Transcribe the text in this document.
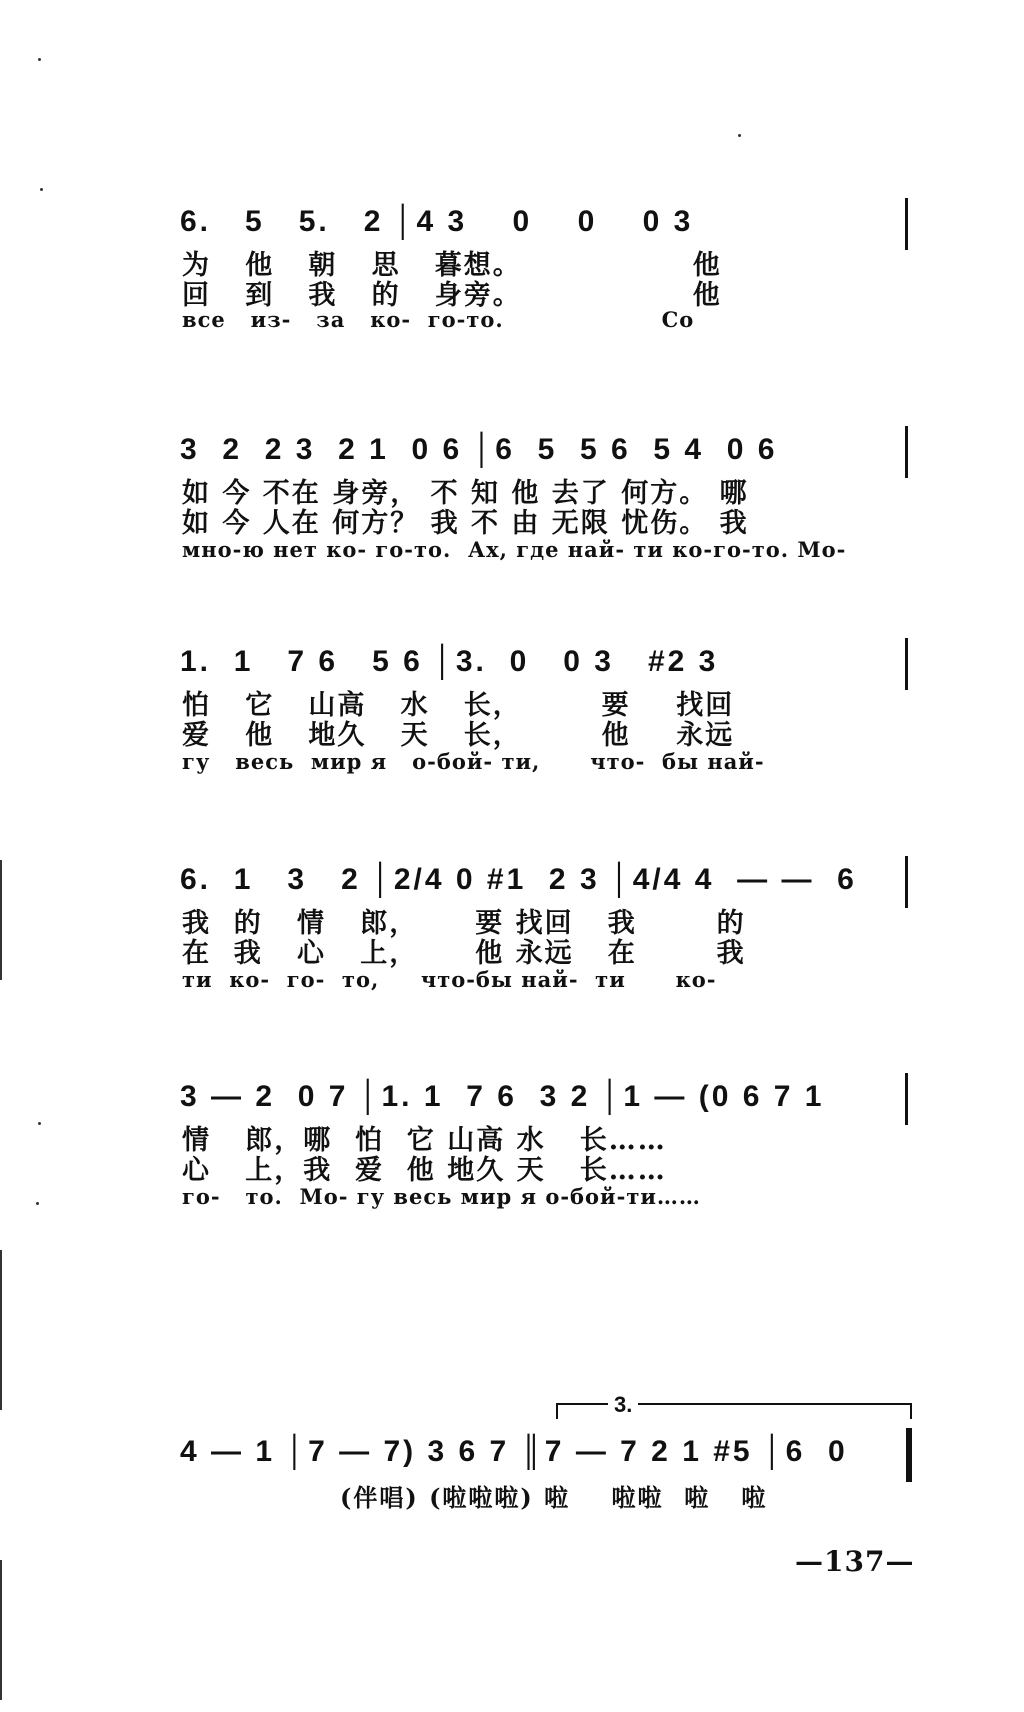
6.   5   5.   2 │4 3    0    0    0 3
为   他   朝   思   暮想。               他
回   到   我   的   身旁。               他
все   из-   за   ко-  го-то.                   Со
3  2  2 3  2 1  0 6 │6  5  5 6  5 4  0 6
如 今 不在 身旁， 不 知 他 去了 何方。 哪
如 今 人在 何方？ 我 不 由 无限 忧伤。 我
мно-ю нет ко- го-то.  Ах, где най- ти ко-го-то. Мо-
1.  1   7 6   5 6 │3.  0   0 3   #2 3
怕   它   山高   水   长，       要    找回
爱   他   地久   天   长，       他    永远
гу   весь  мир я   о-бой- ти,      что-  бы най-
6.  1   3   2 │2/4 0 #1  2 3 │4/4 4  — —  6
我  的   情   郎，     要 找回   我       的
在  我   心   上，     他 永远   在       我
ти  ко-  го-  то,     что-бы най-  ти      ко-
3 — 2  0 7 │1. 1  7 6  3 2 │1 — (0 6 7 1
情   郎，哪  怕  它 山高 水   长……
心   上，我  爱  他 地久 天   长……
го-   то.  Мо- гу весь мир я о-бой-ти……
3.
4 — 1 │7 — 7) 3 6 7 ║7 — 7 2 1 #5 │6  0
(伴唱) (啦啦啦) 啦    啦啦  啦   啦
—137—
